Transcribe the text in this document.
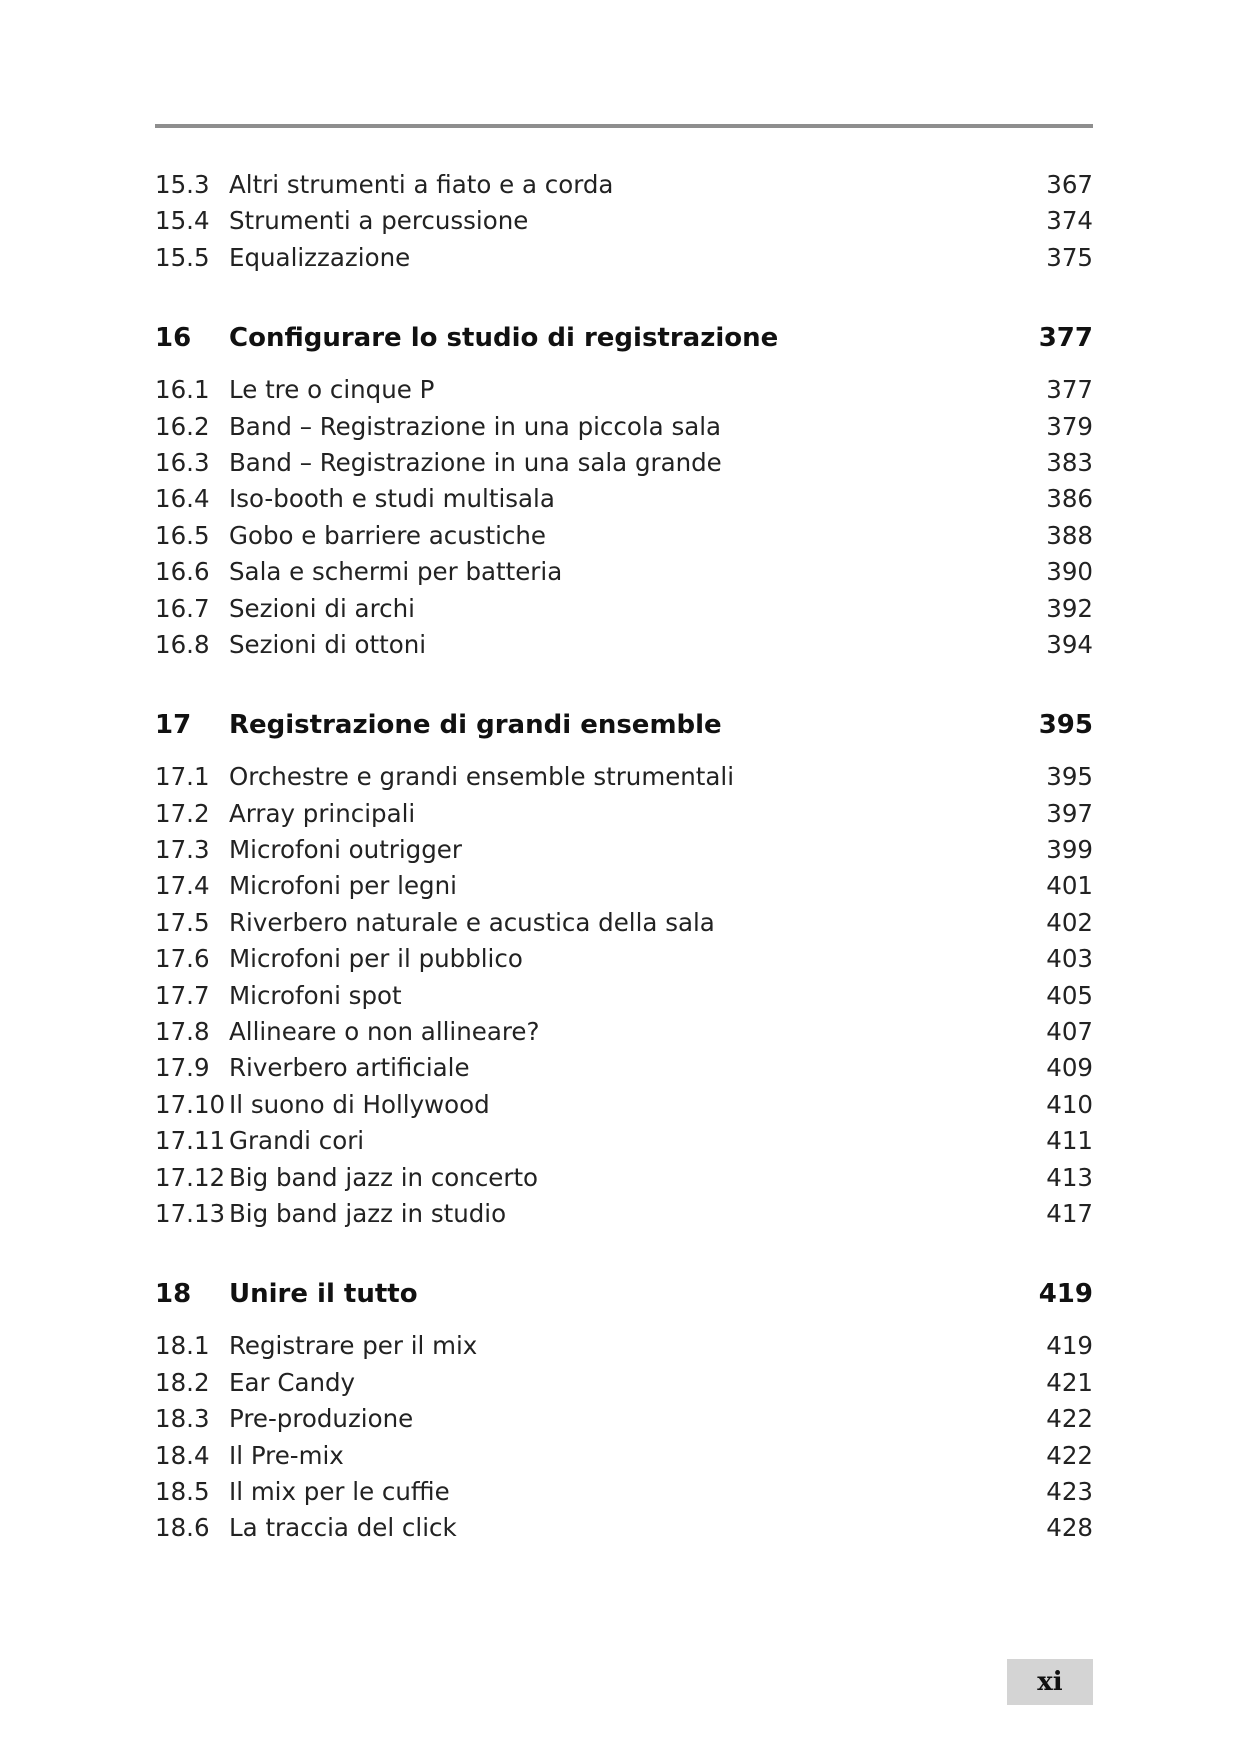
15.3 Altri strumenti a fiato e a corda	367
15.4 Strumenti a percussione	374
15.5 Equalizzazione	375
16	Configurare lo studio di registrazione	377
16.1 Le tre o cinque P	377
16.2 Band – Registrazione in una piccola sala	379
16.3 Band – Registrazione in una sala grande	383
16.4 Iso-booth e studi multisala	386
16.5 Gobo e barriere acustiche	388
16.6 Sala e schermi per batteria	390
16.7 Sezioni di archi	392
16.8 Sezioni di ottoni	394
17	Registrazione di grandi ensemble	395
17.1 Orchestre e grandi ensemble strumentali	395
17.2 Array principali	397
17.3 Microfoni outrigger	399
17.4 Microfoni per legni	401
17.5 Riverbero naturale e acustica della sala	402
17.6 Microfoni per il pubblico	403
17.7 Microfoni spot	405
17.8 Allineare o non allineare?	407
17.9 Riverbero artificiale	409
17.10 Il suono di Hollywood	410
17.11 Grandi cori	411
17.12 Big band jazz in concerto	413
17.13 Big band jazz in studio	417
18	Unire il tutto	419
18.1 Registrare per il mix	419
18.2 Ear Candy	421
18.3 Pre-produzione	422
18.4 Il Pre-mix	422
18.5 Il mix per le cuffie	423
18.6 La traccia del click	428
xi
